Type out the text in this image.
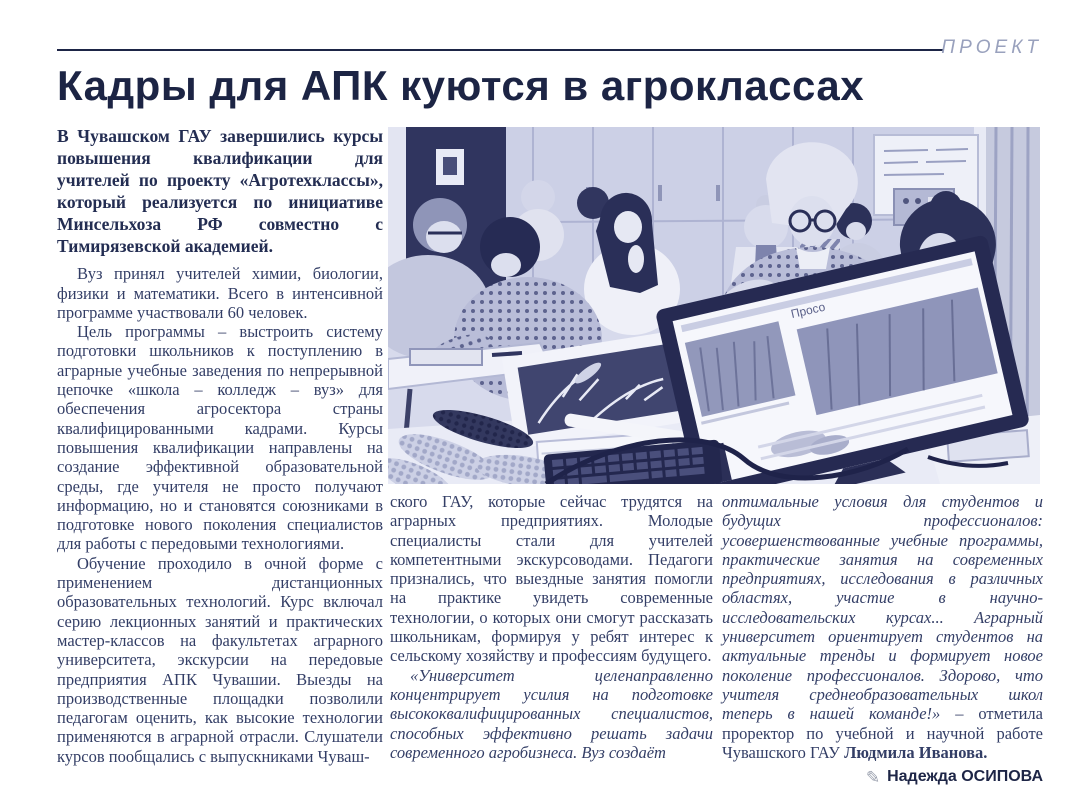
ПРОЕКТ
Кадры для АПК куются в агроклассах

В Чувашском ГАУ завершились курсы повышения квалификации для учителей по проекту «Агротехклассы», который реализуется по инициативе Минсельхоза РФ совместно с Тимирязевской академией.

Вуз принял учителей химии, биологии, физики и математики. Всего в интенсивной программе участвовали 60 человек.

Цель программы – выстроить систему подготовки школьников к поступлению в аграрные учебные заведения по непрерывной цепочке «школа – колледж – вуз» для обеспечения агросектора страны квалифицированными кадрами. Курсы повышения квалификации направлены на создание эффективной образовательной среды, где учителя не просто получают информацию, но и становятся союзниками в подготовке нового поколения специалистов для работы с передовыми технологиями.

Обучение проходило в очной форме с применением дистанционных образовательных технологий. Курс включал серию лекционных занятий и практических мастер-классов на факультетах аграрного университета, экскурсии на передовые предприятия АПК Чувашии. Выезды на производственные площадки позволили педагогам оценить, как высокие технологии применяются в аграрной отрасли. Слушатели курсов пообщались с выпускниками Чуваш-

Просо

ского ГАУ, которые сейчас трудятся на аграрных предприятиях. Молодые специалисты стали для учителей компетентными экскурсоводами. Педагоги признались, что выездные занятия помогли на практике увидеть современные технологии, о которых они смогут рассказать школьникам, формируя у ребят интерес к сельскому хозяйству и профессиям будущего.

«Университет целенаправленно концентрирует усилия на подготовке высококвалифицированных специалистов, способных эффективно решать задачи современного агробизнеса. Вуз создаёт

оптимальные условия для студентов и будущих профессионалов: усовершенствованные учебные программы, практические занятия на современных предприятиях, исследования в различных областях, участие в научно-исследовательских курсах... Аграрный университет ориентирует студентов на актуальные тренды и формирует новое поколение профессионалов. Здорово, что учителя среднеобразовательных школ теперь в нашей команде!» – отметила проректор по учебной и научной работе Чувашского ГАУ Людмила Иванова.

✎ Надежда ОСИПОВА
